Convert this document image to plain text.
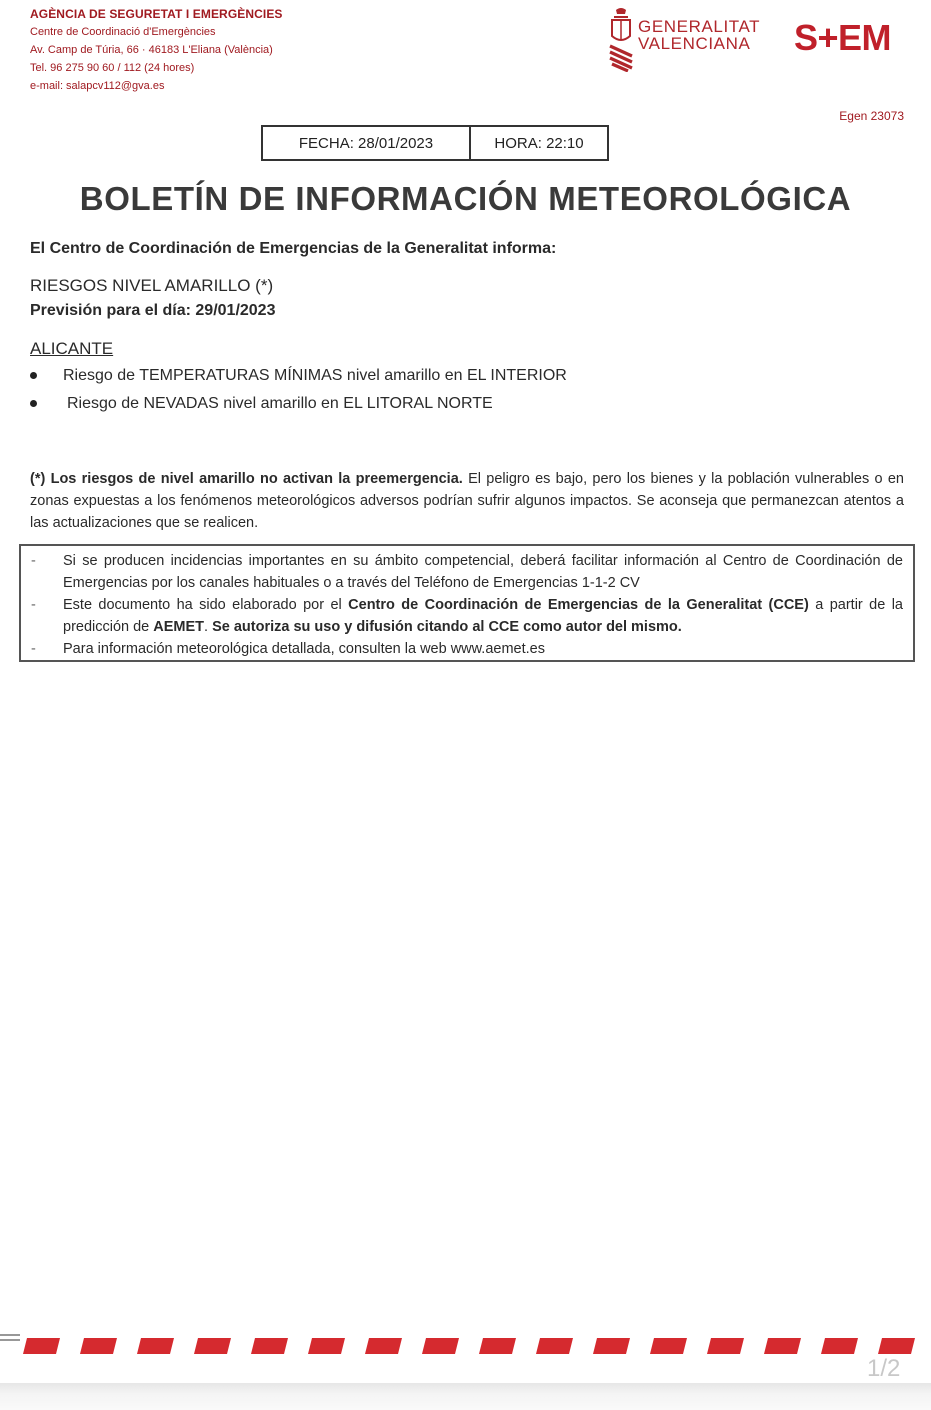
AGÈNCIA DE SEGURETAT I EMERGÈNCIES
Centre de Coordinació d'Emergències
Av. Camp de Túria, 66 · 46183 L'Eliana (València)
Tel. 96 275 90 60 / 112 (24 hores)
e-mail: salapcv112@gva.es
GENERALITAT
VALENCIANA S+EM
Egen 23073
FECHA: 28/01/2023	HORA: 22:10
BOLETÍN DE INFORMACIÓN METEOROLÓGICA
El Centro de Coordinación de Emergencias de la Generalitat informa:
RIESGOS NIVEL AMARILLO (*)
Previsión para el día: 29/01/2023
ALICANTE
Riesgo de TEMPERATURAS MÍNIMAS nivel amarillo en EL INTERIOR
Riesgo de NEVADAS nivel amarillo en EL LITORAL NORTE
(*) Los riesgos de nivel amarillo no activan la preemergencia. El peligro es bajo, pero los bienes y la población vulnerables o en zonas expuestas a los fenómenos meteorológicos adversos podrían sufrir algunos impactos. Se aconseja que permanezcan atentos a las actualizaciones que se realicen.
- Si se producen incidencias importantes en su ámbito competencial, deberá facilitar información al Centro de Coordinación de Emergencias por los canales habituales o a través del Teléfono de Emergencias 1-1-2 CV
- Este documento ha sido elaborado por el Centro de Coordinación de Emergencias de la Generalitat (CCE) a partir de la predicción de AEMET. Se autoriza su uso y difusión citando al CCE como autor del mismo.
- Para información meteorológica detallada, consulten la web www.aemet.es
1/2
